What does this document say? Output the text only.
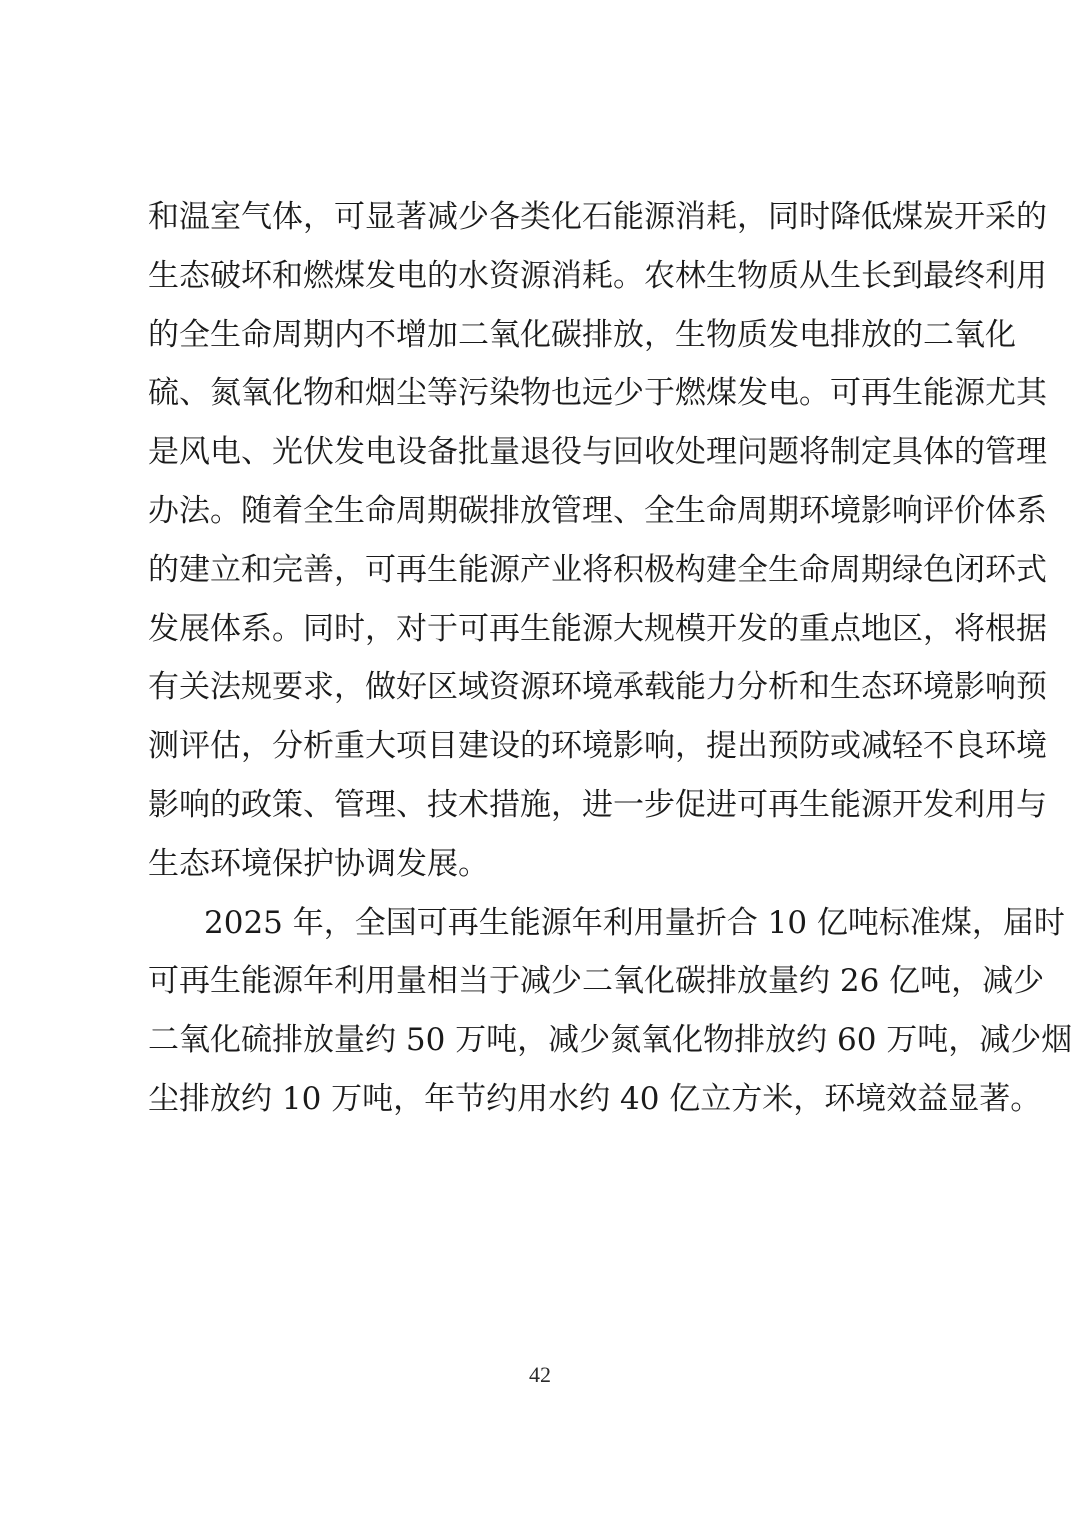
和温室气体，可显著减少各类化石能源消耗，同时降低煤炭开采的
生态破坏和燃煤发电的水资源消耗。农林生物质从生长到最终利用
的全生命周期内不增加二氧化碳排放，生物质发电排放的二氧化
硫、氮氧化物和烟尘等污染物也远少于燃煤发电。可再生能源尤其
是风电、光伏发电设备批量退役与回收处理问题将制定具体的管理
办法。随着全生命周期碳排放管理、全生命周期环境影响评价体系
的建立和完善，可再生能源产业将积极构建全生命周期绿色闭环式
发展体系。同时，对于可再生能源大规模开发的重点地区，将根据
有关法规要求，做好区域资源环境承载能力分析和生态环境影响预
测评估，分析重大项目建设的环境影响，提出预防或减轻不良环境
影响的政策、管理、技术措施，进一步促进可再生能源开发利用与
生态环境保护协调发展。
2025 年，全国可再生能源年利用量折合 10 亿吨标准煤，届时
可再生能源年利用量相当于减少二氧化碳排放量约 26 亿吨，减少
二氧化硫排放量约 50 万吨，减少氮氧化物排放约 60 万吨，减少烟
尘排放约 10 万吨，年节约用水约 40 亿立方米，环境效益显著。
42
